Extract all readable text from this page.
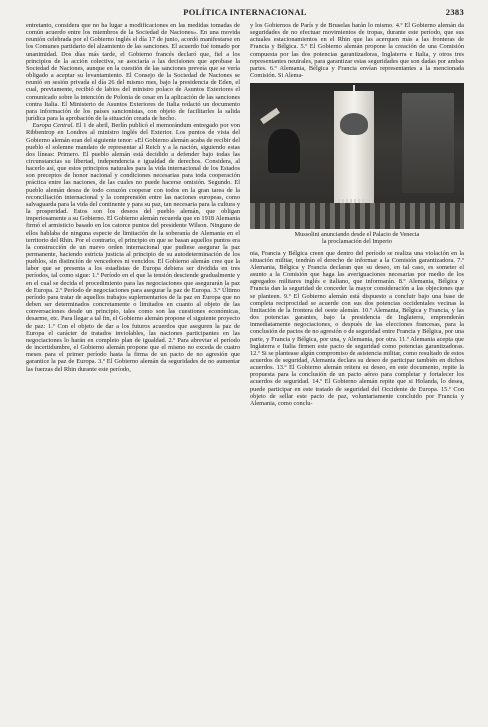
POLÍTICA INTERNACIONAL	2383

entretanto, considera que no ha lugar a modificaciones en las medidas tomadas de común acuerdo entre los miembros de la Sociedad de Naciones». En una movida reunión celebrada por el Gobierno inglés el día 17 de junio, acordó manifestarse en los Comunes partidario del alzamiento de las sanciones. El acuerdo fué tomado por unanimidad. Dos días más tarde, el Gobierno francés declaró que, fiel a los principios de la acción colectiva, se asociaría a las decisiones que aprobase la Sociedad de Naciones, aunque en la cuestión de las sanciones preveía que se vería obligado a aceptar su levantamiento. El Consejo de la Sociedad de Naciones se reunió en sesión privada el día 26 del mismo mes, bajo la presidencia de Eden, el cual, previamente, recibió de labios del ministro polaco de Asuntos Exteriores el comunicado sobre la intención de Polonia de cesar en la aplicación de las sanciones contra Italia. El Ministerio de Asuntos Exteriores de Italia redactó un documento para información de los países sancionistas, con objeto de facilitarles la salida jurídica para la aprobación de la situación creada de hecho.

 Europa Central. El 1 de abril, Berlín publicó el memorándum entregado por von Ribbentrop en Londres al ministro inglés del Exterior. Los puntos de vista del Gobierno alemán eran del siguiente tenor: «El Gobierno alemán acaba de recibir del pueblo el solemne mandato de representar al Reich y a la nación, siguiendo estas dos líneas: Primero. El pueblo alemán está decidido a defender bajo todas las circunstancias su libertad, independencia e igualdad de derechos. Considera, al hacerlo así, que estos principios naturales para la vida internacional de los Estados son preceptos de honor nacional y condiciones necesarias para toda cooperación práctica entre las naciones, de las cuales no puede hacerse omisión. Segundo. El pueblo alemán desea de todo corazón cooperar con todos en la gran tarea de la reconciliación internacional y la comprensión entre las naciones europeas, como salvaguarda para la vida del continente y para su paz, tan necesaria para la cultura y la prosperidad. Estos son los deseos del pueblo alemán, que obligan imperiosamente a su Gobierno. El Gobierno alemán recuerda que en 1918 Alemania firmó el armisticio basado en los catorce puntos del presidente Wilson. Ninguno de ellos hablaba de ninguna especie de limitación de la soberanía de Alemania en el territorio del Rhin. Por el contrario, el principio en que se basan aquellos puntos era la construcción de un nuevo orden internacional que pudiese asegurar la paz permanente, haciendo estricta justicia al principio de su autodeterminación de los pueblos, sin distinción de vencedores ni vencidos. El Gobierno alemán cree que la labor que se presenta a los estadistas de Europa debiera ser dividida en tres períodos, tal como sigue: 1.º Período en el que la tensión desciende gradualmente y en el cual se decida el procedimiento para las negociaciones que asegurarán la paz de Europa. 2.º Período de negociaciones para asegurar la paz de Europa. 3.º Último período para tratar de aquellos trabajos suplementarios de la paz en Europa que no deben ser determinados concretamente o limitados en cuanto al objeto de las conversaciones desde un principio, tales como son las cuestiones económicas, desarme, etc. Para llegar a tal fin, el Gobierno alemán propone el siguiente proyecto de paz: 1.º Con el objeto de dar a los futuros acuerdos que aseguren la paz de Europa el carácter de tratados inviolables, las naciones participantes en las negociaciones lo harán en completo plan de igualdad. 2.º Para abreviar el período de incertidumbre, el Gobierno alemán propone que el mismo no exceda de cuatro meses para el primer período hasta la firma de un pacto de no agresión que garantice la paz de Europa. 3.º El Gobierno alemán da seguridades de no aumentar las fuerzas del Rhin durante este período,

y los Gobiernos de París y de Bruselas harán lo mismo. 4.º El Gobierno alemán da seguridades de no efectuar movimientos de tropas, durante este período, que sus actuales estacionamientos en el Rhin que las acerquen más a las fronteras de Francia y Bélgica. 5.º El Gobierno alemán propone la creación de una Comisión compuesta por las dos potencias garantizadoras, Inglaterra e Italia, y otros tres representantes neutrales, para garantizar estas seguridades que son dadas por ambas partes. 6.º Alemania, Bélgica y Francia envían representantes a la mencionada Comisión. Si Alema-

Mussolini anunciando desde el Palacio de Venecia
la proclamación del Imperio

nia, Francia y Bélgica creen que dentro del período se realiza una violación en la situación militar, tendrán el derecho de informar a la Comisión garantizadora. 7.º Alemania, Bélgica y Francia declaran que su deseo, en tal caso, es someter el asunto a la Comisión que haga las averiguaciones necesarias por medio de los agregados militares inglés e italiano, que informarán. 8.º Alemania, Bélgica y Francia dan la seguridad de conceder la mayor consideración a las objeciones que se planteen. 9.º El Gobierno alemán está dispuesto a concluir bajo una base de completa reciprocidad se acuerde con sus dos potencias occidentales vecinas la limitación de la frontera del oeste alemán. 10.º Alemania, Bélgica y Francia, y las dos potencias garantes, bajo la presidencia de Inglaterra, emprenderán inmediatamente negociaciones, o después de las elecciones francesas, para la conclusión de pactos de no agresión o de seguridad entre Francia y Bélgica, por una parte, y Francia y Bélgica, por una, y Alemania, por otra. 11.º Alemania acepta que Inglaterra e Italia firmen este pacto de seguridad como potencias garantizadoras. 12.º Si se plantease algún compromiso de asistencia militar, como resultado de estos acuerdos de seguridad, Alemania declara su deseo de participar también en dichos acuerdos. 13.º El Gobierno alemán reitera su deseo, en este documento, repite la propuesta para la conclusión de un pacto aéreo para completar y fortalecer los acuerdos de seguridad. 14.º El Gobierno alemán repite que si Holanda, lo desea, puede participar en este tratado de seguridad del Occidente de Europa. 15.º Con objeto de sellar este pacto de paz, voluntariamente concluido por Francia y Alemania, como conclu-
